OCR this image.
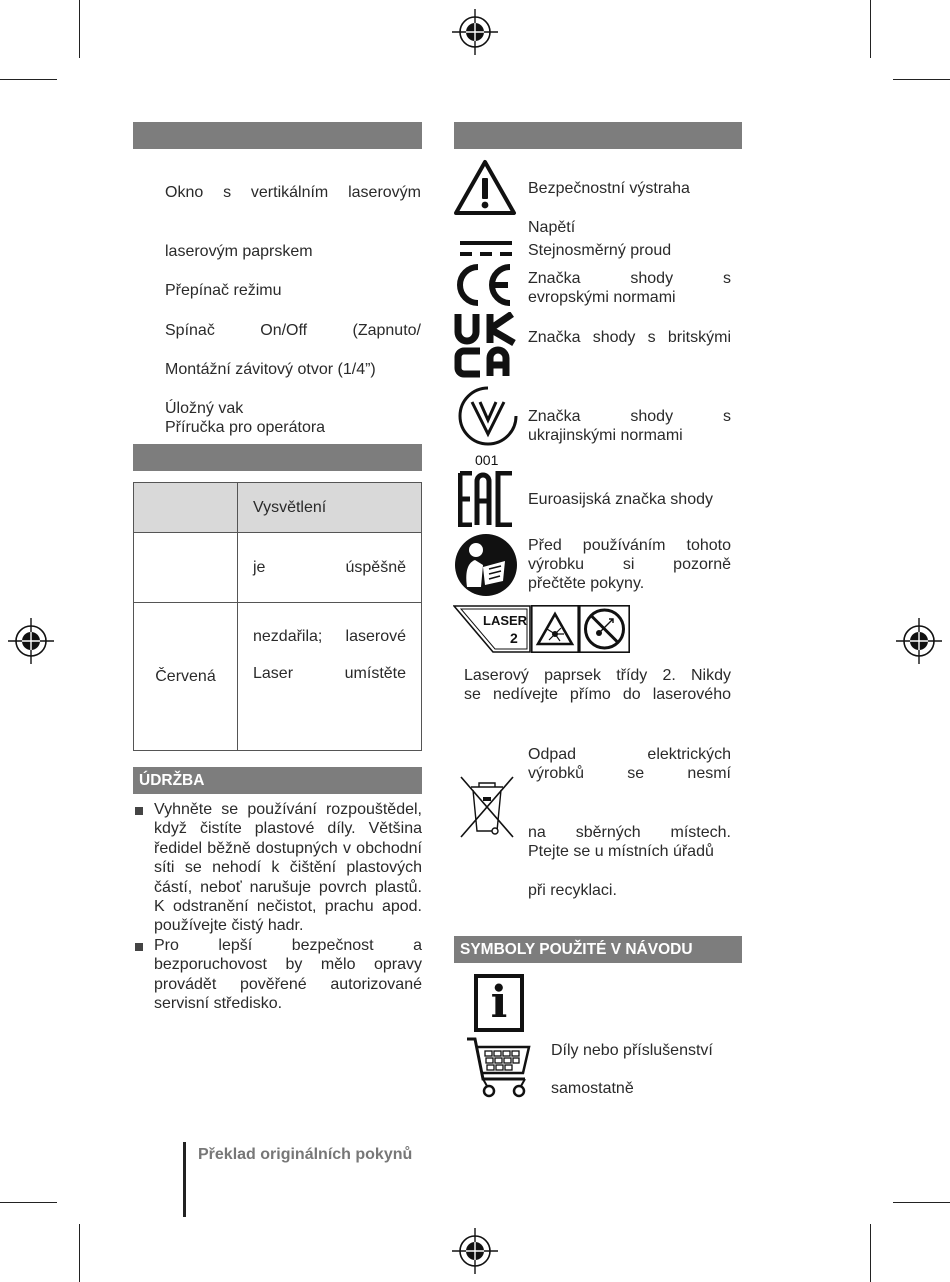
Okno s vertikálním laserovým
laserovým paprskem
Přepínač režimu
Spínač On/Off (Zapnuto/
Montážní závitový otvor (1/4”)
Úložný vak
Příručka pro operátora
	Vysvětlení

	je úspěšně

Červená	nezdařila; laserové
Laser umístěte
ÚDRŽBA
Vyhněte se používání rozpouštědel, když čistíte plastové díly. Většina ředidel běžně dostupných v obchodní síti se nehodí k čištění plastových částí, neboť narušuje povrch plastů. K odstranění nečistot, prachu apod. používejte čistý hadr.
Pro lepší bezpečnost a bezporuchovost by mělo opravy provádět pověřené autorizované servisní středisko.
Překlad originálních pokynů
Bezpečnostní výstraha
Napětí
Stejnosměrný proud
Značka shody s
evropskými normami
Značka shody s britskými
001
Značka shody s
ukrajinskými normami
Euroasijská značka shody
Před používáním tohoto
výrobku si pozorně
přečtěte pokyny.
LASER
2
Laserový paprsek třídy 2. Nikdy
se nedívejte přímo do laserového
Odpad elektrických
výrobků se nesmí
na sběrných místech.
Ptejte se u místních úřadů
při recyklaci.
SYMBOLY POUŽITÉ V NÁVODU
i
Díly nebo příslušenství
samostatně
